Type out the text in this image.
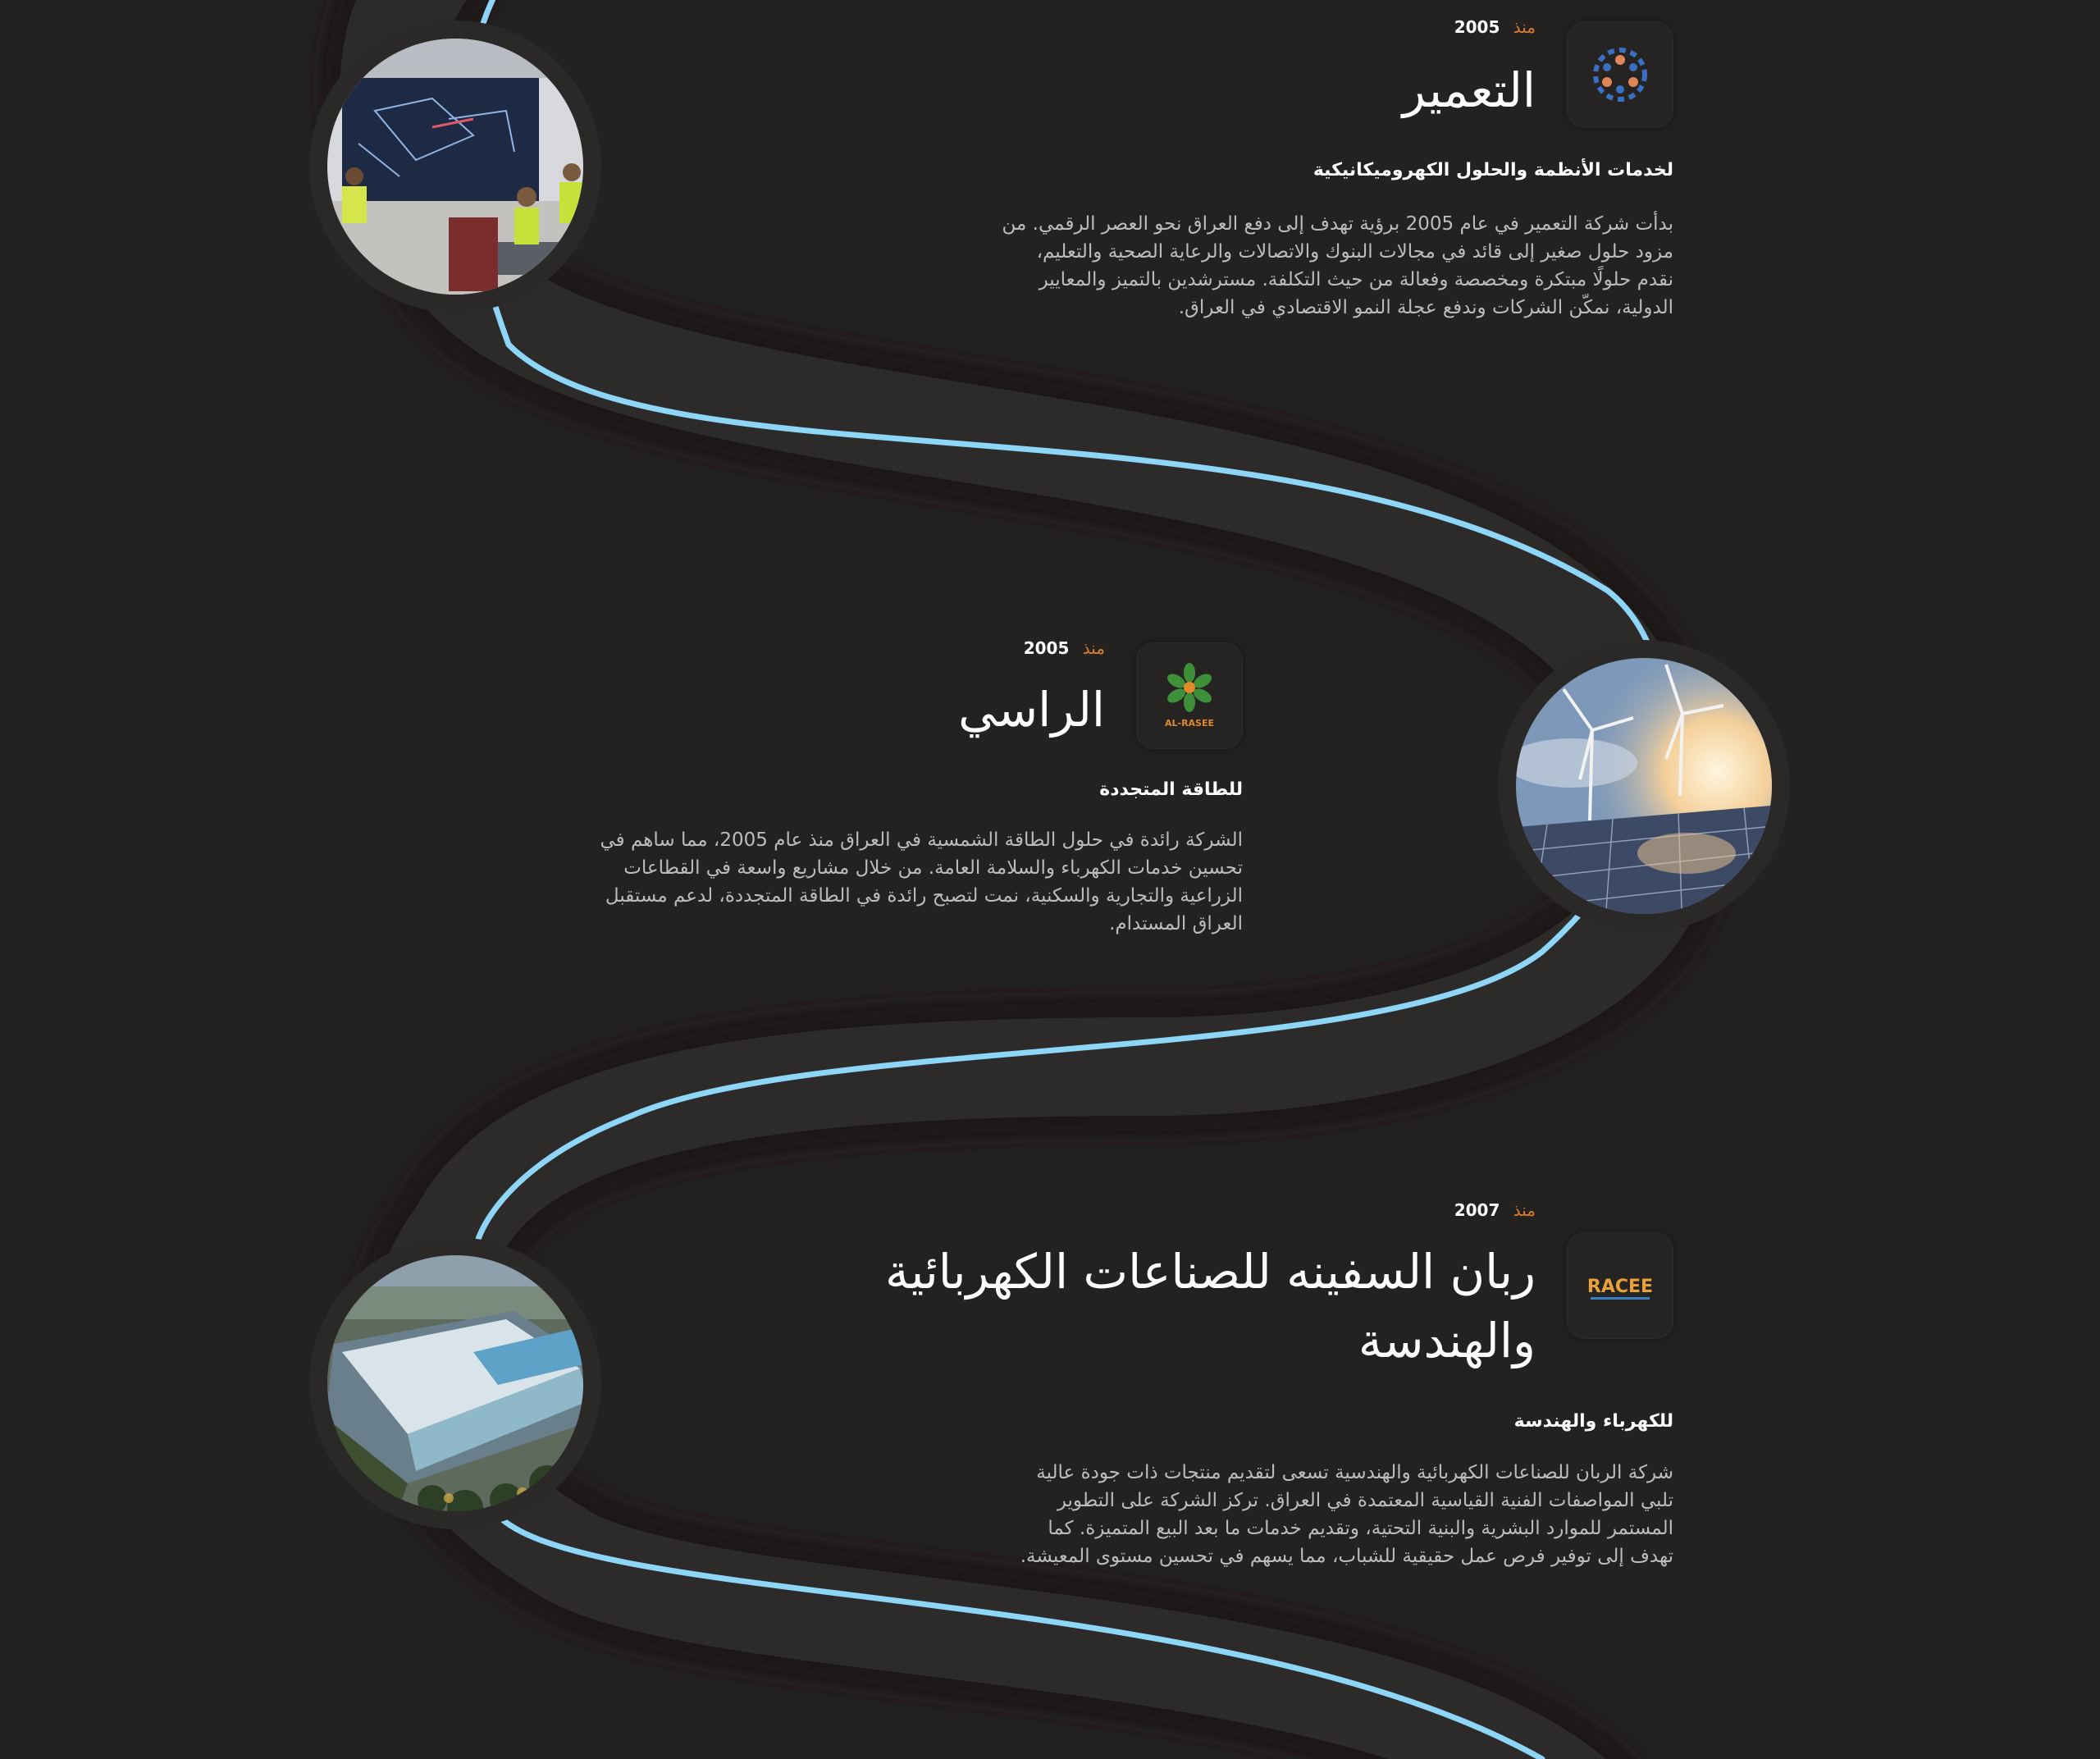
منذ 2005
التعمير
لخدمات الأنظمة والحلول الكهروميكانيكية
بدأت شركة التعمير في عام 2005 برؤية تهدف إلى دفع العراق نحو العصر الرقمي. من
مزود حلول صغير إلى قائد في مجالات البنوك والاتصالات والرعاية الصحية والتعليم،
نقدم حلولًا مبتكرة ومخصصة وفعالة من حيث التكلفة. مسترشدين بالتميز والمعايير
الدولية، نمكّن الشركات وندفع عجلة النمو الاقتصادي في العراق.
منذ 2005
الراسي	AL-RASEE
للطاقة المتجددة
الشركة رائدة في حلول الطاقة الشمسية في العراق منذ عام 2005، مما ساهم في
تحسين خدمات الكهرباء والسلامة العامة. من خلال مشاريع واسعة في القطاعات
الزراعية والتجارية والسكنية، نمت لتصبح رائدة في الطاقة المتجددة، لدعم مستقبل
العراق المستدام.
منذ 2007
ربان السفينه للصناعات الكهربائية
والهندسة
RACEE
للكهرباء والهندسة
شركة الربان للصناعات الكهربائية والهندسية تسعى لتقديم منتجات ذات جودة عالية
تلبي المواصفات الفنية القياسية المعتمدة في العراق. تركز الشركة على التطوير
المستمر للموارد البشرية والبنية التحتية، وتقديم خدمات ما بعد البيع المتميزة. كما
تهدف إلى توفير فرص عمل حقيقية للشباب، مما يسهم في تحسين مستوى المعيشة.
